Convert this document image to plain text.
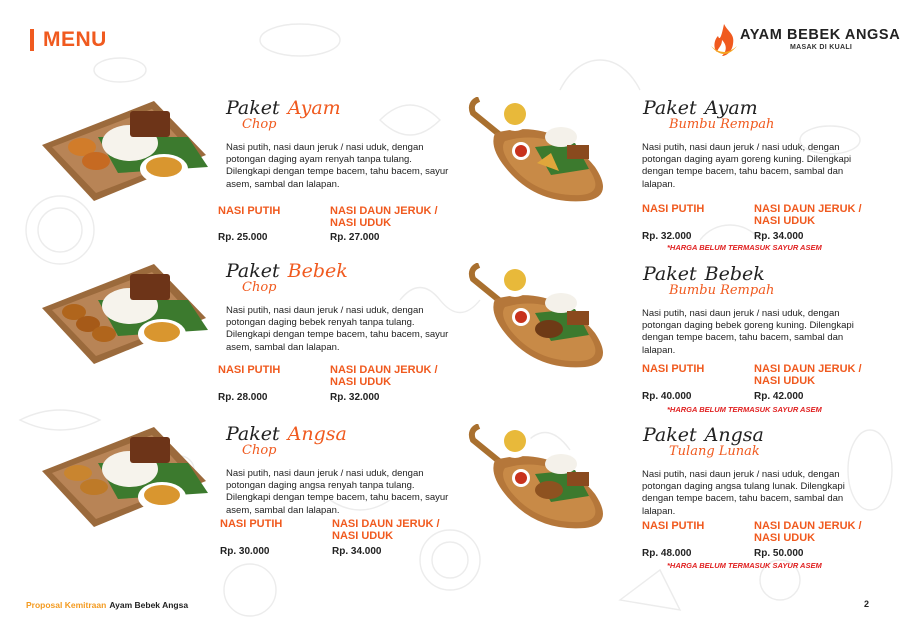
MENU	AYAM BEBEK ANGSA
MASAK DI KUALI
Paket Ayam
Chop
Nasi putih, nasi daun jeruk / nasi uduk, dengan potongan daging ayam renyah tanpa tulang. Dilengkapi dengan tempe bacem, tahu bacem, sayur asem, sambal dan lalapan.
NASI PUTIH	NASI DAUN JERUK / NASI UDUK
Rp. 25.000	Rp. 27.000
Paket Bebek
Chop
Nasi putih, nasi daun jeruk / nasi uduk, dengan potongan daging bebek renyah tanpa tulang. Dilengkapi dengan tempe bacem, tahu bacem, sayur asem, sambal dan lalapan.
NASI PUTIH	NASI DAUN JERUK / NASI UDUK
Rp. 28.000	Rp. 32.000
Paket Angsa
Chop
Nasi putih, nasi daun jeruk / nasi uduk, dengan potongan daging angsa renyah tanpa tulang. Dilengkapi dengan tempe bacem, tahu bacem, sayur asem, sambal dan lalapan.
NASI PUTIH	NASI DAUN JERUK / NASI UDUK
Rp. 30.000	Rp. 34.000
Paket Ayam
Bumbu Rempah
Nasi putih, nasi daun jeruk / nasi uduk, dengan potongan daging ayam goreng kuning. Dilengkapi dengan tempe bacem, tahu bacem, sambal dan lalapan.
NASI PUTIH	NASI DAUN JERUK / NASI UDUK
Rp. 32.000	Rp. 34.000
*HARGA BELUM TERMASUK SAYUR ASEM
Paket Bebek
Bumbu Rempah
Nasi putih, nasi daun jeruk / nasi uduk, dengan potongan daging bebek goreng kuning. Dilengkapi dengan tempe bacem, tahu bacem, sambal dan lalapan.
NASI PUTIH	NASI DAUN JERUK / NASI UDUK
Rp. 40.000	Rp. 42.000
*HARGA BELUM TERMASUK SAYUR ASEM
Paket Angsa
Tulang Lunak
Nasi putih, nasi daun jeruk / nasi uduk, dengan potongan daging angsa tulang lunak. Dilengkapi dengan tempe bacem, tahu bacem, sambal dan lalapan.
NASI PUTIH	NASI DAUN JERUK / NASI UDUK
Rp. 48.000	Rp. 50.000
*HARGA BELUM TERMASUK SAYUR ASEM
Proposal Kemitraan Ayam Bebek Angsa	2
